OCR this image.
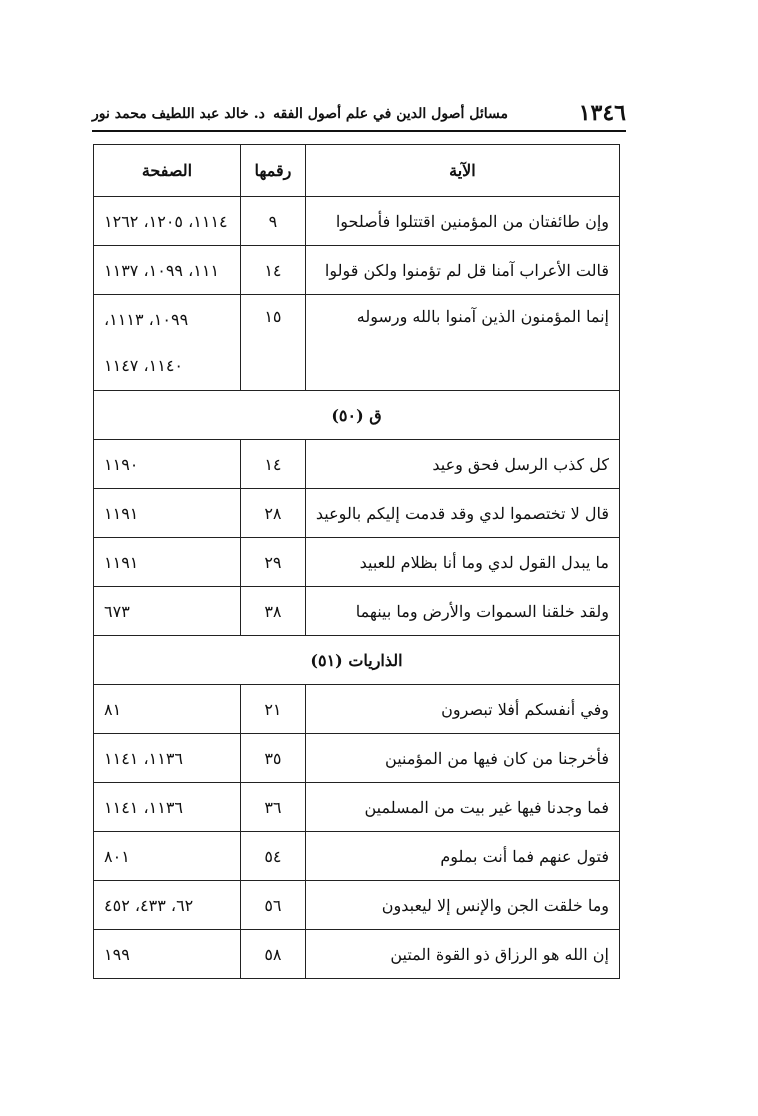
١٣٤٦
مسائل أصول الدين في علم أصول الفقه
د. خالد عبد اللطيف محمد نور
الآية	رقمها	الصفحة
وإن طائفتان من المؤمنين اقتتلوا فأصلحوا	٩	١١١٤، ١٢٠٥، ١٢٦٢
قالت الأعراب آمنا قل لم تؤمنوا ولكن قولوا	١٤	١١١، ١٠٩٩، ١١٣٧
إنما المؤمنون الذين آمنوا بالله ورسوله	١٥	١٠٩٩، ١١١٣،
١١٤٠، ١١٤٧

ق (٥٠)		
كل كذب الرسل فحق وعيد	١٤	١١٩٠
قال لا تختصموا لدي وقد قدمت إليكم بالوعيد	٢٨	١١٩١
ما يبدل القول لدي وما أنا بظلام للعبيد	٢٩	١١٩١
ولقد خلقنا السموات والأرض وما بينهما	٣٨	٦٧٣
الذاريات (٥١)		
وفي أنفسكم أفلا تبصرون	٢١	٨١
فأخرجنا من كان فيها من المؤمنين	٣٥	١١٣٦، ١١٤١
فما وجدنا فيها غير بيت من المسلمين	٣٦	١١٣٦، ١١٤١
فتول عنهم فما أنت بملوم	٥٤	٨٠١
وما خلقت الجن والإنس إلا ليعبدون	٥٦	٦٢، ٤٣٣، ٤٥٢
إن الله هو الرزاق ذو القوة المتين	٥٨	١٩٩
